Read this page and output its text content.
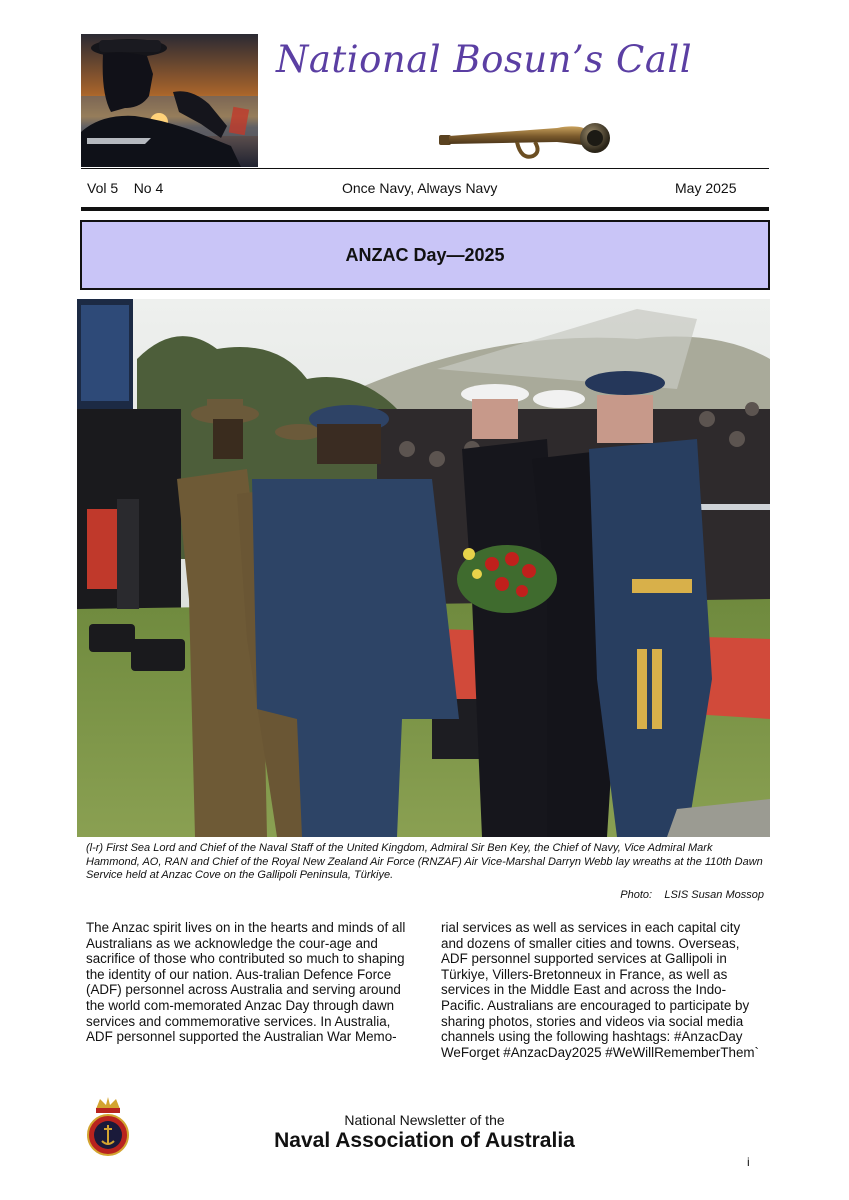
National Bosun’s Call
Vol 5    No 4	Once Navy, Always Navy	May 2025
ANZAC Day—2025

(l-r) First Sea Lord and Chief of the Naval Staff of the United Kingdom, Admiral Sir Ben Key, the Chief of Navy, Vice Admiral Mark Hammond, AO, RAN and Chief of the Royal New Zealand Air Force (RNZAF) Air Vice-Marshal Darryn Webb lay wreaths at the 110th Dawn Service held at Anzac Cove on the Gallipoli Peninsula, Türkiye.

Photo:    LSIS Susan Mossop

The Anzac spirit lives on in the hearts and minds of all Australians as we acknowledge the cour-age and sacrifice of those who contributed so much to shaping the identity of our nation. Aus-tralian Defence Force (ADF) personnel across Australia and serving around the world com-memorated Anzac Day through dawn services and commemorative services. In Australia, ADF personnel supported the Australian War Memo-

rial services as well as services in each capital city and dozens of smaller cities and towns. Overseas, ADF personnel supported services at Gallipoli in Türkiye, Villers-Bretonneux in France, as well as services in the Middle East and across the Indo-Pacific. Australians are encouraged to participate by sharing photos, stories and videos via social media channels using the following hashtags: #AnzacDay WeForget #AnzacDay2025 #WeWillRememberThem`

National Newsletter of the
Naval Association of Australia
i
